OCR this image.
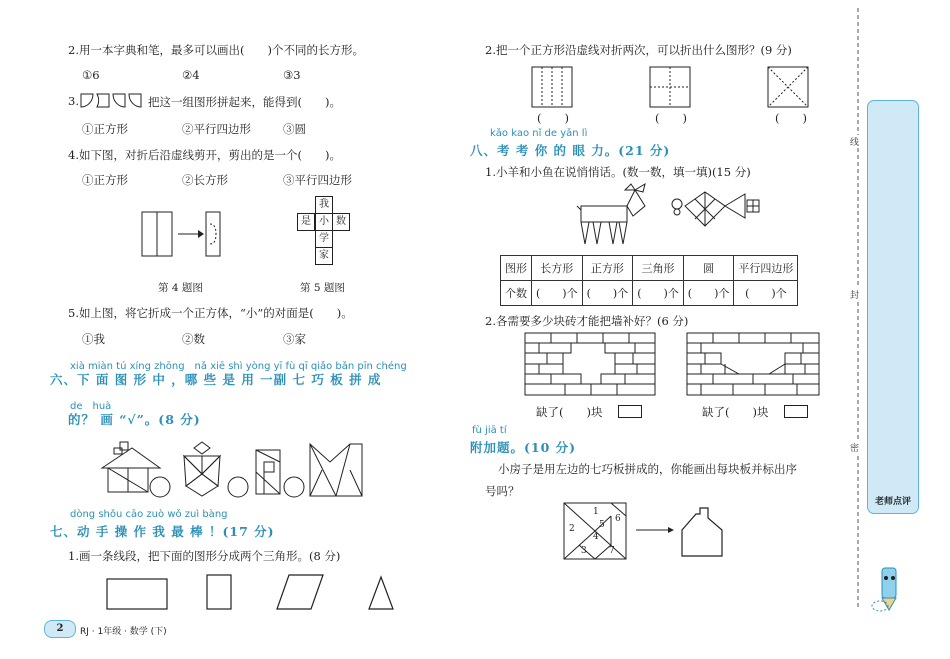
2.用一本字典和笔，最多可以画出(　　)个不同的长方形。
①6	②4	③3
3.	把这一组图形拼起来，能得到(　　)。
①正方形	②平行四边形	③圆
4.如下图，对折后沿虚线剪开，剪出的是一个(　　)。
①正方形	②长方形	③平行四边形
我
是 小 数
学
家
第 4 题图	第 5 题图
5.如上图，将它折成一个正方体，“小”的对面是(　　)。
①我	②数	③家
xià miàn tú xíng zhōng　nǎ xiē shì yòng yī fù qī qiǎo bǎn pīn chéng
六、下 面 图 形 中 ，哪 些 是 用 一副 七 巧 板 拼 成
de　huà
的？ 画 “√”。(8 分)
dòng shǒu cāo zuò wǒ zuì bàng
七、动 手 操 作 我 最 棒 ！(17 分)
1.画一条线段，把下面的图形分成两个三角形。(8 分)
2	RJ · 1年级 · 数学 (下)
2.把一个正方形沿虚线对折两次，可以折出什么图形？(9 分)
(　　)	(　　)	(　　)
kǎo kao nǐ de yǎn lì
八、考 考 你 的 眼 力。(21 分)
1.小羊和小鱼在说悄悄话。(数一数，填一填)(15 分)
图形	长方形	正方形	三角形	圆	平行四边形
个数	(　　)个	(　　)个	(　　)个	(　　)个	(　　)个
2.各需要多少块砖才能把墙补好？(6 分)
缺了(　　)块	缺了(　　)块
fù jiā tí
附加题。(10 分)
小房子是用左边的七巧板拼成的，你能画出每块板并标出序
号吗？
1
2
3
4
5
6
7
线
封
密
老师点评
